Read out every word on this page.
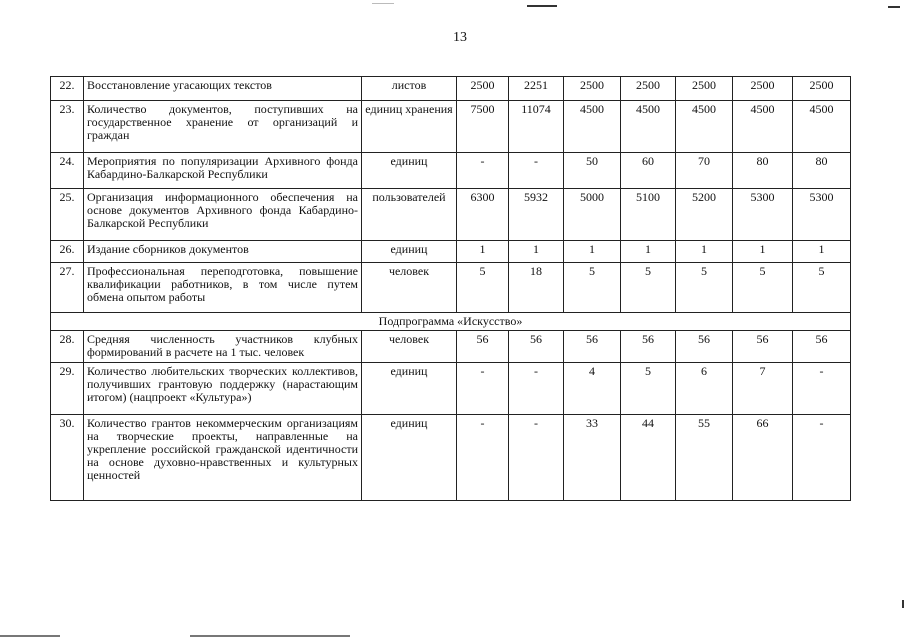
13
22.	Восстановление угасающих текстов	листов	2500	2251	2500	2500	2500	2500	2500
23.	Количество документов, поступивших на государственное хранение от организаций и граждан	единиц хранения	7500	11074	4500	4500	4500	4500	4500
24.	Мероприятия по популяризации Архивного фонда Кабардино-Балкарской Республики	единиц	-	-	50	60	70	80	80
25.	Организация информационного обеспечения на основе документов Архивного фонда Кабардино-Балкарской Республики	пользователей	6300	5932	5000	5100	5200	5300	5300
26.	Издание сборников документов	единиц	1	1	1	1	1	1	1
27.	Профессиональная переподготовка, повышение квалификации работников, в том числе путем обмена опытом работы	человек	5	18	5	5	5	5	5
Подпрограмма «Искусство»									
28.	Средняя численность участников клубных формирований в расчете на 1 тыс. человек	человек	56	56	56	56	56	56	56
29.	Количество любительских творческих коллективов, получивших грантовую поддержку (нарастающим итогом) (нацпроект «Культура»)	единиц	-	-	4	5	6	7	-
30.	Количество грантов некоммерческим организациям на творческие проекты, направленные на укрепление российской гражданской идентичности на основе духовно-нравственных и культурных ценностей	единиц	-	-	33	44	55	66	-
